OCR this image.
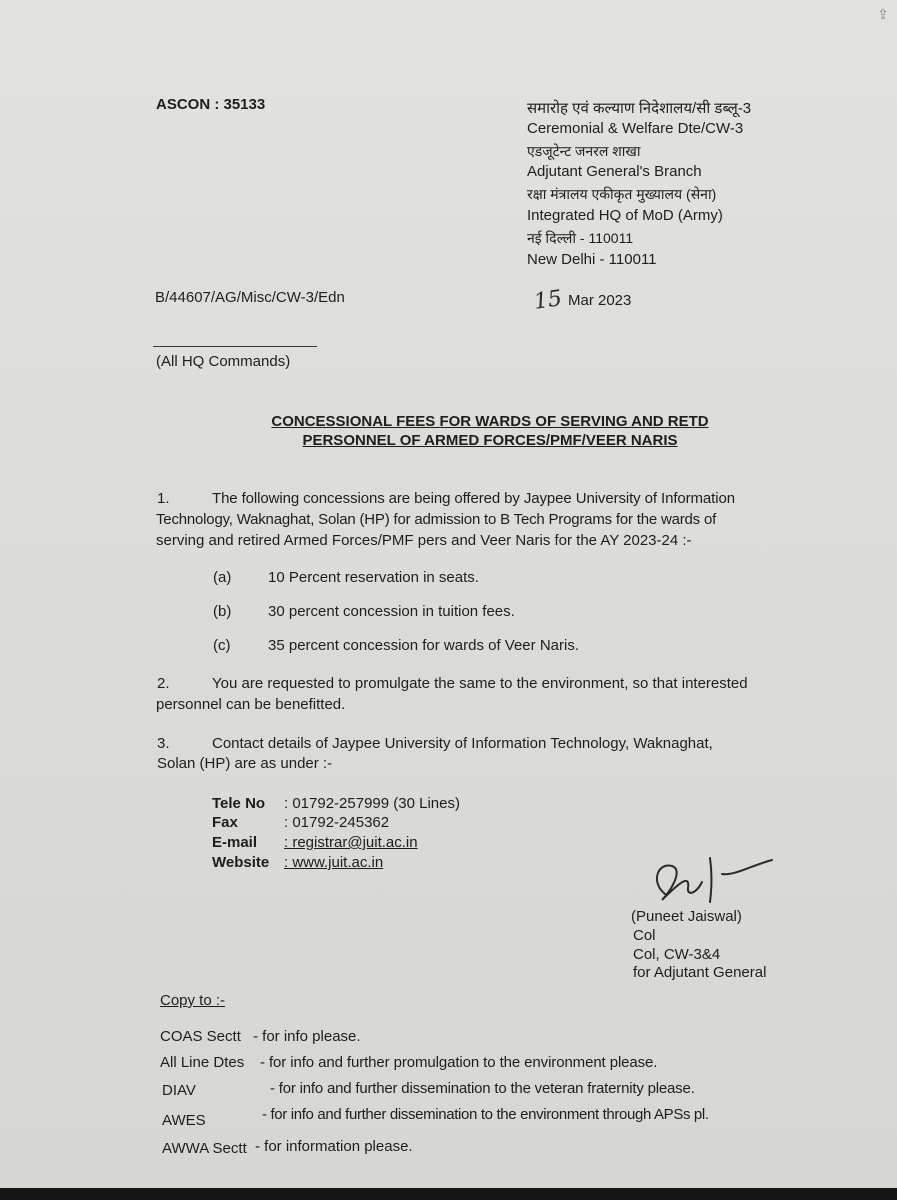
⇪
ASCON : 35133	समारोह एवं कल्याण निदेशालय/सी डब्लू-3
Ceremonial & Welfare Dte/CW-3
एडजूटेन्ट जनरल शाखा
Adjutant General's Branch
रक्षा मंत्रालय एकीकृत मुख्यालय (सेना)
Integrated HQ of MoD (Army)
नई दिल्ली - 110011
New Delhi - 110011
B/44607/AG/Misc/CW-3/Edn	15 Mar 2023
(All HQ Commands)
CONCESSIONAL FEES FOR WARDS OF SERVING AND RETD
PERSONNEL OF ARMED FORCES/PMF/VEER NARIS
1.	The following concessions are being offered by Jaypee University of Information
Technology, Waknaghat, Solan (HP) for admission to B Tech Programs for the wards of
serving and retired Armed Forces/PMF pers and Veer Naris for the AY 2023-24 :-
(a) 10 Percent reservation in seats.
(b) 30 percent concession in tuition fees.
(c)	35 percent concession for wards of Veer Naris.
2.	You are requested to promulgate the same to the environment, so that interested
personnel can be benefitted.
3.	Contact details of Jaypee University of Information Technology, Waknaghat,
Solan (HP) are as under :-
Tele No : 01792-257999 (30 Lines)
Fax	: 01792-245362
E-mail : registrar@juit.ac.in
Website : www.juit.ac.in
(Puneet Jaiswal)
Col
Col, CW-3&4
for Adjutant General
Copy to :-
COAS Sectt - for info please.
All Line Dtes - for info and further promulgation to the environment please.
DIAV	- for info and further dissemination to the veteran fraternity please.
AWES	- for info and further dissemination to the environment through APSs pl.
AWWA Sectt - for information please.
